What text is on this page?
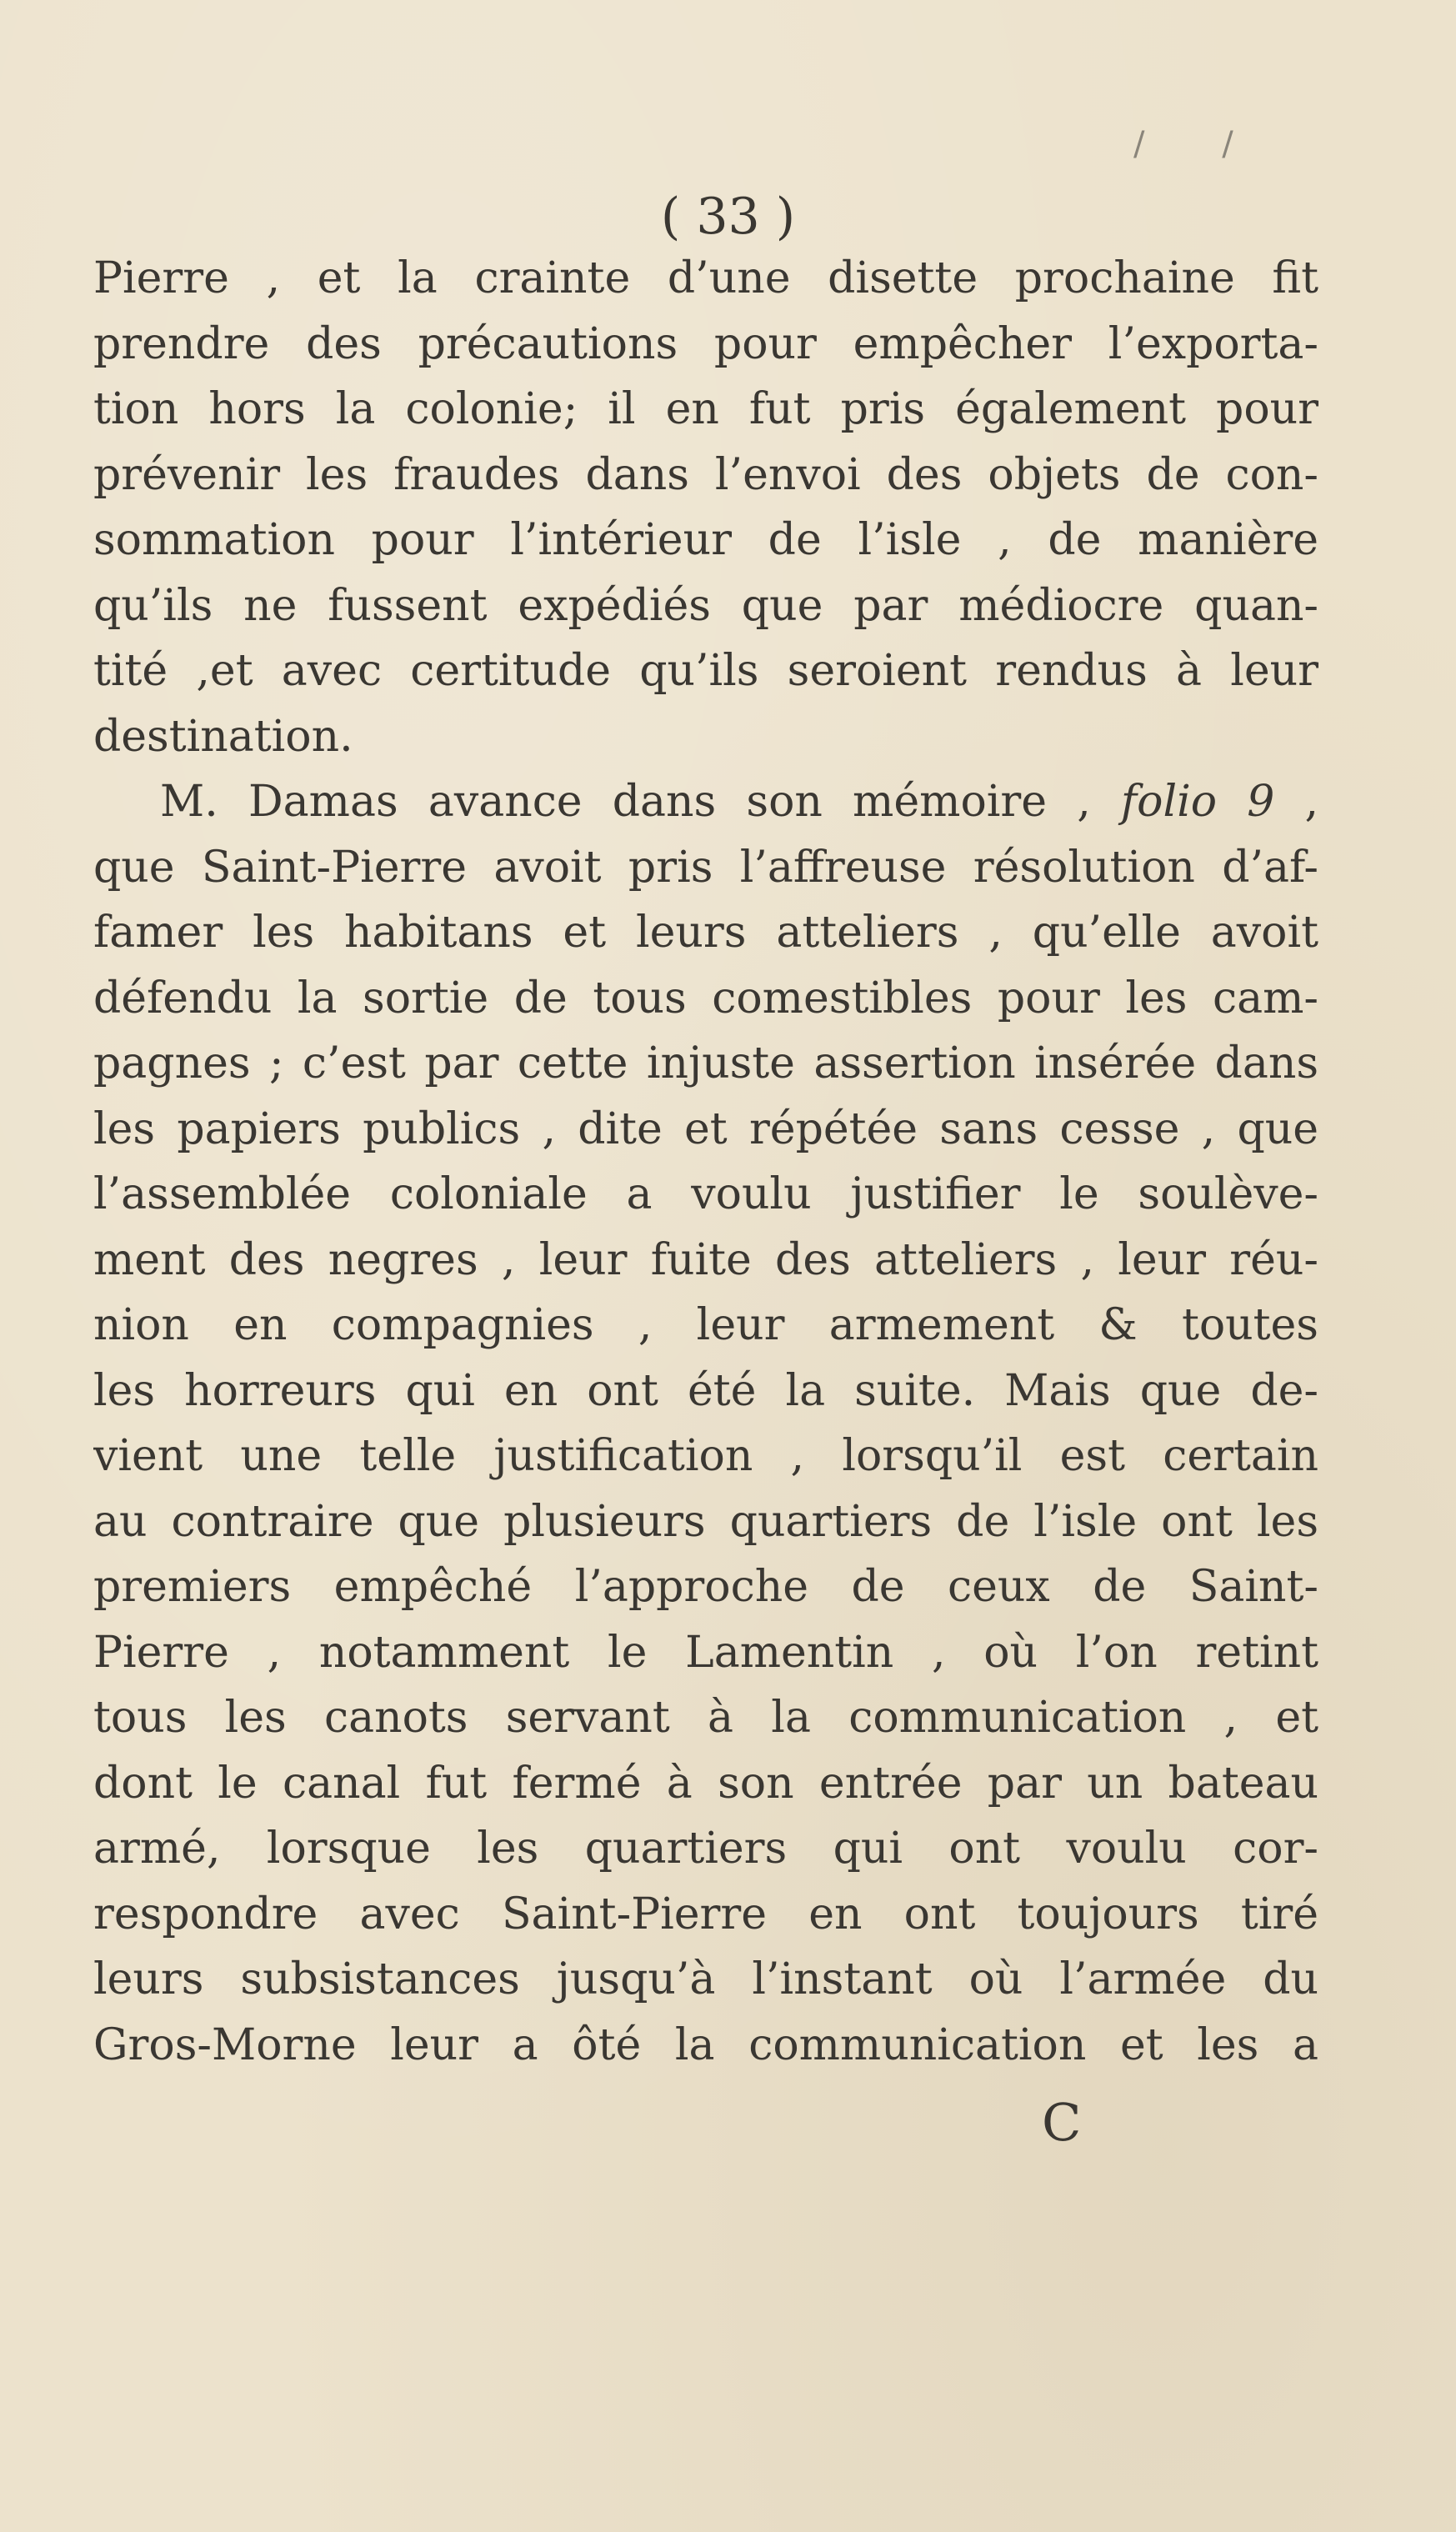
/ /
( 33 )
Pierre , et la crainte d’une disette prochaine fit
prendre des précautions pour empêcher l’exporta-
tion hors la colonie; il en fut pris également pour
prévenir les fraudes dans l’envoi des objets de con-
sommation pour l’intérieur de l’isle , de manière
qu’ils ne fussent expédiés que par médiocre quan-
tité ,et avec certitude qu’ils seroient rendus à leur
destination.
M. Damas avance dans son mémoire , folio 9 ,
que Saint-Pierre avoit pris l’affreuse résolution d’af-
famer les habitans et leurs atteliers , qu’elle avoit
défendu la sortie de tous comestibles pour les cam-
pagnes ; c’est par cette injuste assertion insérée dans
les papiers publics , dite et répétée sans cesse , que
l’assemblée coloniale a voulu justifier le soulève-
ment des negres , leur fuite des atteliers , leur réu-
nion en compagnies , leur armement & toutes
les horreurs qui en ont été la suite. Mais que de-
vient une telle justification , lorsqu’il est certain
au contraire que plusieurs quartiers de l’isle ont les
premiers empêché l’approche de ceux de Saint-
Pierre , notamment le Lamentin , où l’on retint
tous les canots servant à la communication , et
dont le canal fut fermé à son entrée par un bateau
armé, lorsque les quartiers qui ont voulu cor-
respondre avec Saint-Pierre en ont toujours tiré
leurs subsistances jusqu’à l’instant où l’armée du
Gros-Morne leur a ôté la communication et les a
C
